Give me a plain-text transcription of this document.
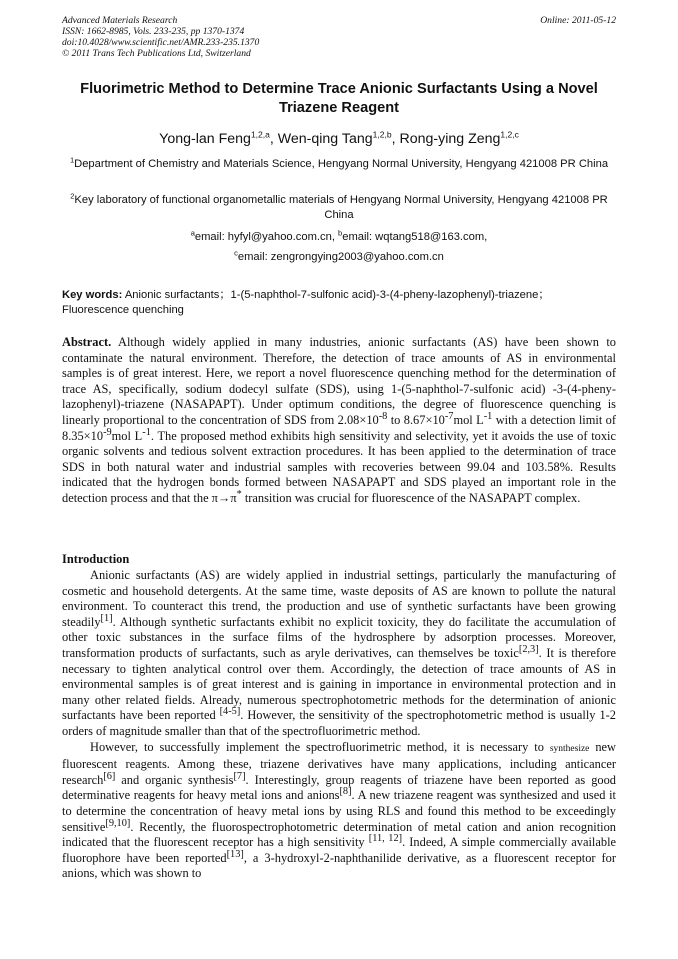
Advanced Materials Research
ISSN: 1662-8985, Vols. 233-235, pp 1370-1374
doi:10.4028/www.scientific.net/AMR.233-235.1370
© 2011 Trans Tech Publications Ltd, Switzerland
Online: 2011-05-12
Fluorimetric Method to Determine Trace Anionic Surfactants Using a Novel Triazene Reagent
Yong-lan Feng$^{1,2,a}$, Wen-qing Tang$^{1,2,b}$, Rong-ying Zeng$^{1,2,c}$
$^1$Department of Chemistry and Materials Science, Hengyang Normal University, Hengyang 421008 PR China
$^2$Key laboratory of functional organometallic materials of Hengyang Normal University, Hengyang 421008 PR China
$^a$email: hyfyl@yahoo.com.cn, $^b$email: wqtang518@163.com,
$^c$email: zengrongying2003@yahoo.com.cn
Key words: Anionic surfactants；1-(5-naphthol-7-sulfonic acid)-3-(4-pheny-lazophenyl)-triazene；Fluorescence quenching
Abstract. Although widely applied in many industries, anionic surfactants (AS) have been shown to contaminate the natural environment. Therefore, the detection of trace amounts of AS in environmental samples is of great interest. Here, we report a novel fluorescence quenching method for the determination of trace AS, specifically, sodium dodecyl sulfate (SDS), using 1-(5-naphthol-7-sulfonic acid) -3-(4-pheny-lazophenyl)-triazene (NASAPAPT). Under optimum conditions, the degree of fluorescence quenching is linearly proportional to the concentration of SDS from $2.08\times 10^{-8}$ to $8.67\times 10^{-7}mol$ $L^{-1}$ with a detection limit of $8.35\times 10^{-9}mol$ $L^{-1}$. The proposed method exhibits high sensitivity and selectivity, yet it avoids the use of toxic organic solvents and tedious solvent extraction procedures. It has been applied to the determination of trace SDS in both natural water and industrial samples with recoveries between 99.04 and 103.58%. Results indicated that the hydrogen bonds formed between NASAPAPT and SDS played an important role in the detection process and that the π→π* transition was crucial for fluorescence of the NASAPAPT complex.
Introduction

Anionic surfactants (AS) are widely applied in industrial settings, particularly the manufacturing of cosmetic and household detergents. At the same time, waste deposits of AS are known to pollute the natural environment. To counteract this trend, the production and use of synthetic surfactants have been growing steadily[1]. Although synthetic surfactants exhibit no explicit toxicity, they do facilitate the accumulation of other toxic substances in the surface films of the hydrosphere by adsorption processes. Moreover, transformation products of surfactants, such as aryle derivatives, can themselves be toxic[2,3]. It is therefore necessary to tighten analytical control over them. Accordingly, the detection of trace amounts of AS in environmental samples is of great interest and is gaining in importance in environmental protection and in many other related fields. Already, numerous spectrophotometric methods for the determination of anionic surfactants have been reported [4-5]. However, the sensitivity of the spectrophotometric method is usually 1-2 orders of magnitude smaller than that of the spectrofluorimetric method.

However, to successfully implement the spectrofluorimetric method, it is necessary to synthesize new fluorescent reagents. Among these, triazene derivatives have many applications, including anticancer research[6] and organic synthesis[7]. Interestingly, group reagents of triazene have been reported as good determinative reagents for heavy metal ions and anions[8]. A new triazene reagent was synthesized and used it to determine the concentration of heavy metal ions by using RLS and found this method to be exceedingly sensitive[9,10]. Recently, the fluorospectrophotometric determination of metal cation and anion recognition indicated that the fluorescent receptor has a high sensitivity [11, 12]. Indeed, A simple commercially available fluorophore have been reported[13], a 3-hydroxyl-2-naphthanilide derivative, as a fluorescent receptor for anions, which was shown to
